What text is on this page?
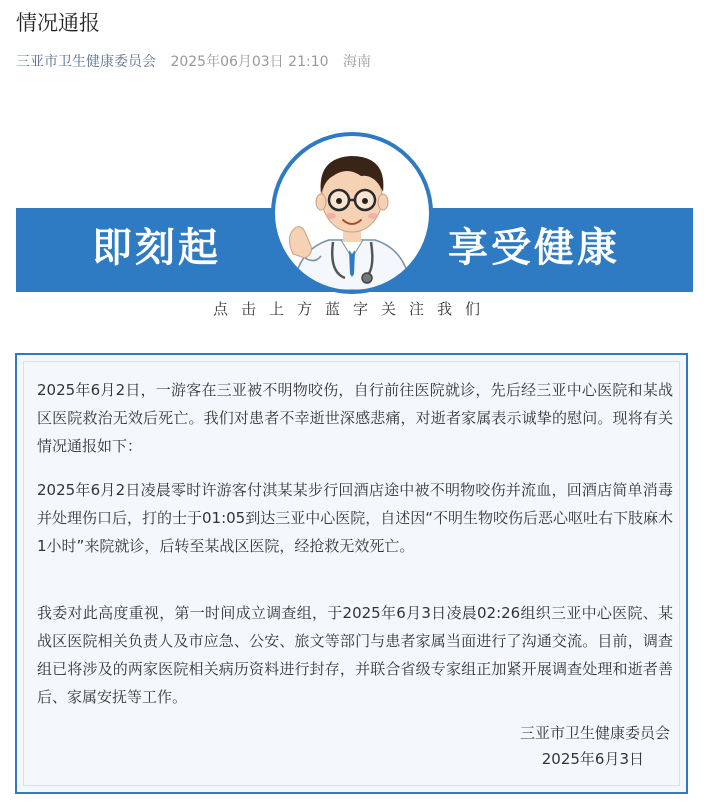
情况通报
三亚市卫生健康委员会 2025年06月03日 21:10 海南
即刻起	享受健康
点击上方蓝字关注我们
2025年6月2日，一游客在三亚被不明物咬伤，自行前往医院就诊，先后经三亚中心医院和某战区医院救治无效后死亡。我们对患者不幸逝世深感悲痛，对逝者家属表示诚挚的慰问。现将有关情况通报如下：
2025年6月2日凌晨零时许游客付淇某某步行回酒店途中被不明物咬伤并流血，回酒店简单消毒并处理伤口后，打的士于01:05到达三亚中心医院，自述因“不明生物咬伤后恶心呕吐右下肢麻木1小时”来院就诊，后转至某战区医院，经抢救无效死亡。
我委对此高度重视，第一时间成立调查组，于2025年6月3日凌晨02:26组织三亚中心医院、某战区医院相关负责人及市应急、公安、旅文等部门与患者家属当面进行了沟通交流。目前，调查组已将涉及的两家医院相关病历资料进行封存，并联合省级专家组正加紧开展调查处理和逝者善后、家属安抚等工作。
三亚市卫生健康委员会
2025年6月3日
